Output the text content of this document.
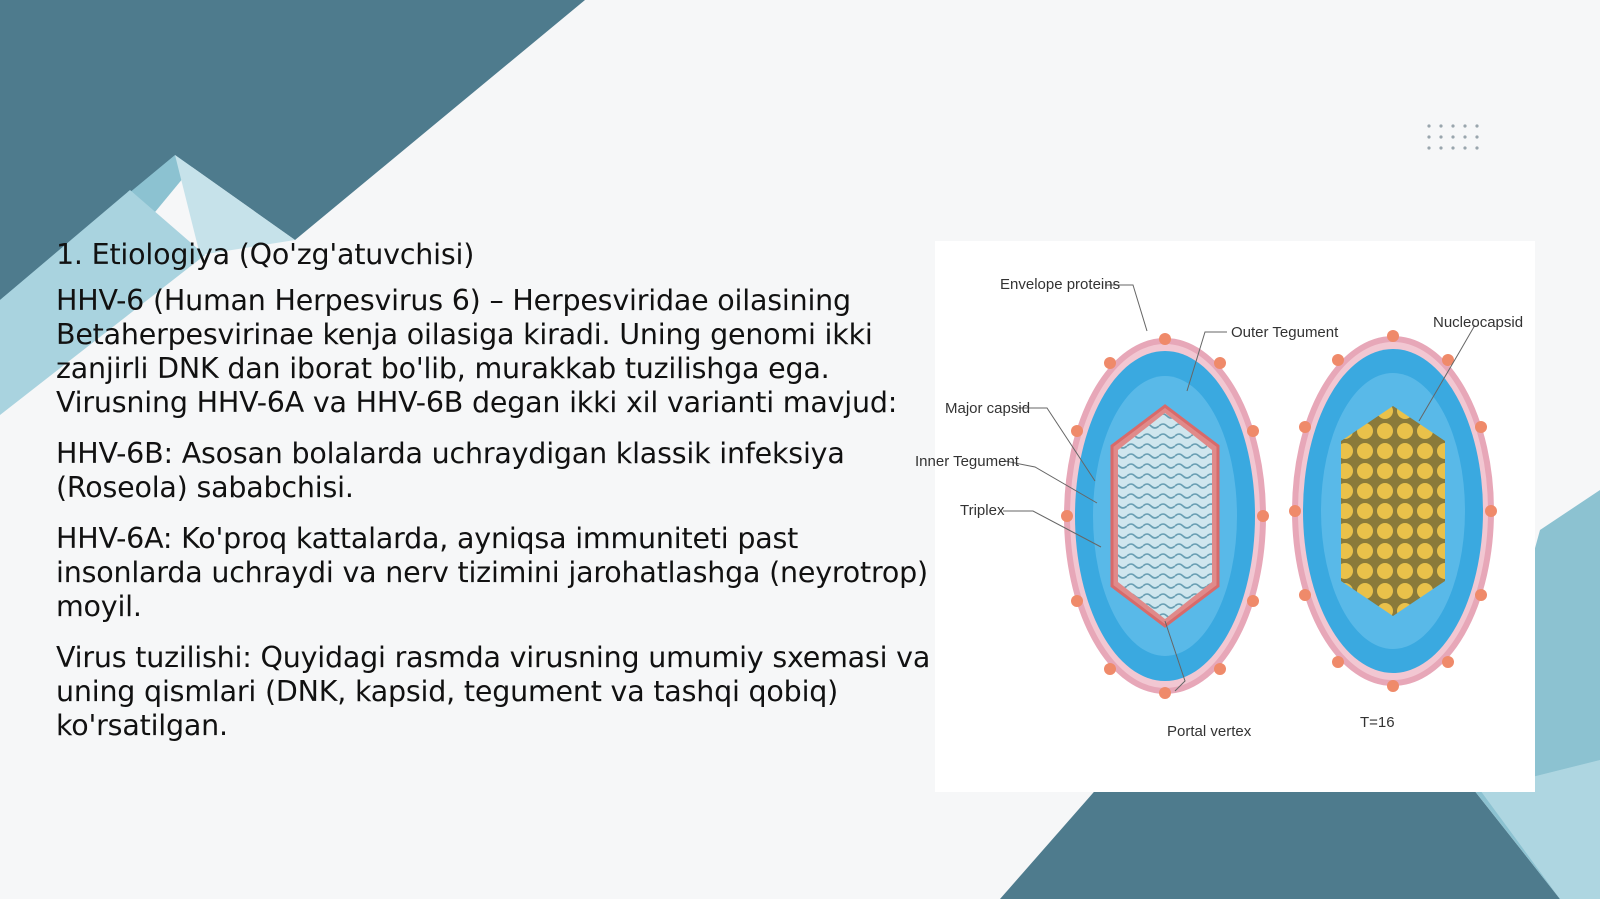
1. Etiologiya (Qo'zg'atuvchisi)

HHV-6 (Human Herpesvirus 6) – Herpesviridae oilasining Betaherpesvirinae kenja oilasiga kiradi. Uning genomi ikki zanjirli DNK dan iborat bo'lib, murakkab tuzilishga ega. Virusning HHV-6A va HHV-6B degan ikki xil varianti mavjud:

HHV-6B: Asosan bolalarda uchraydigan klassik infeksiya (Roseola) sababchisi.

HHV-6A: Ko'proq kattalarda, ayniqsa immuniteti past insonlarda uchraydi va nerv tizimini jarohatlashga (neyrotrop) moyil.

Virus tuzilishi: Quyidagi rasmda virusning umumiy sxemasi va uning qismlari (DNK, kapsid, tegument va tashqi qobiq) ko'rsatilgan.

Envelope proteins
Outer Tegument
Nucleocapsid
Major capsid
Inner Tegument
Triplex
Portal vertex
T=16
